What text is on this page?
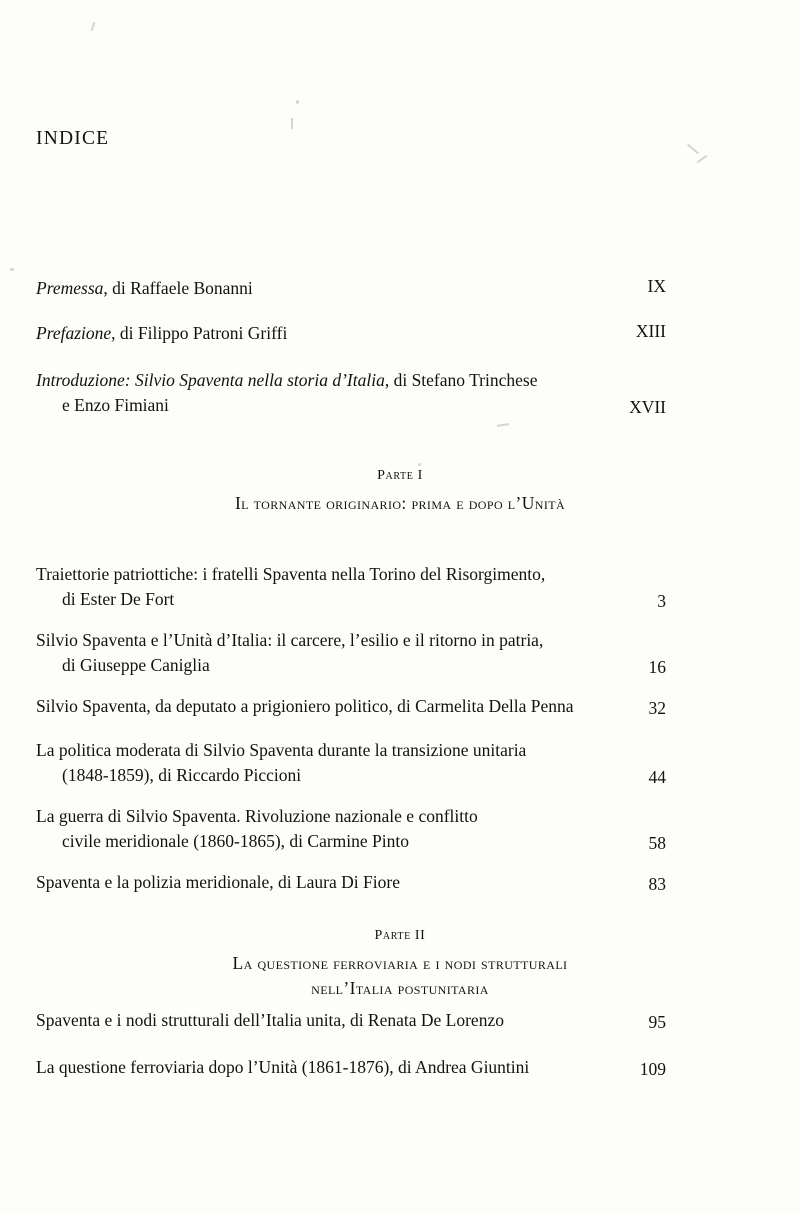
INDICE
Premessa, di Raffaele Bonanni	IX
Prefazione, di Filippo Patroni Griffi	XIII
Introduzione: Silvio Spaventa nella storia d’Italia, di Stefano Trinchese
e Enzo Fimiani	XVII
Parte I
Il tornante originario: prima e dopo l’Unità
Traiettorie patriottiche: i fratelli Spaventa nella Torino del Risorgimento,
di Ester De Fort	3
Silvio Spaventa e l’Unità d’Italia: il carcere, l’esilio e il ritorno in patria,
di Giuseppe Caniglia	16
Silvio Spaventa, da deputato a prigioniero politico, di Carmelita Della Penna	32
La politica moderata di Silvio Spaventa durante la transizione unitaria
(1848-1859), di Riccardo Piccioni	44
La guerra di Silvio Spaventa. Rivoluzione nazionale e conflitto
civile meridionale (1860-1865), di Carmine Pinto	58
Spaventa e la polizia meridionale, di Laura Di Fiore	83
Parte II
La questione ferroviaria e i nodi strutturali
nell’Italia postunitaria
Spaventa e i nodi strutturali dell’Italia unita, di Renata De Lorenzo	95
La questione ferroviaria dopo l’Unità (1861-1876), di Andrea Giuntini	109
